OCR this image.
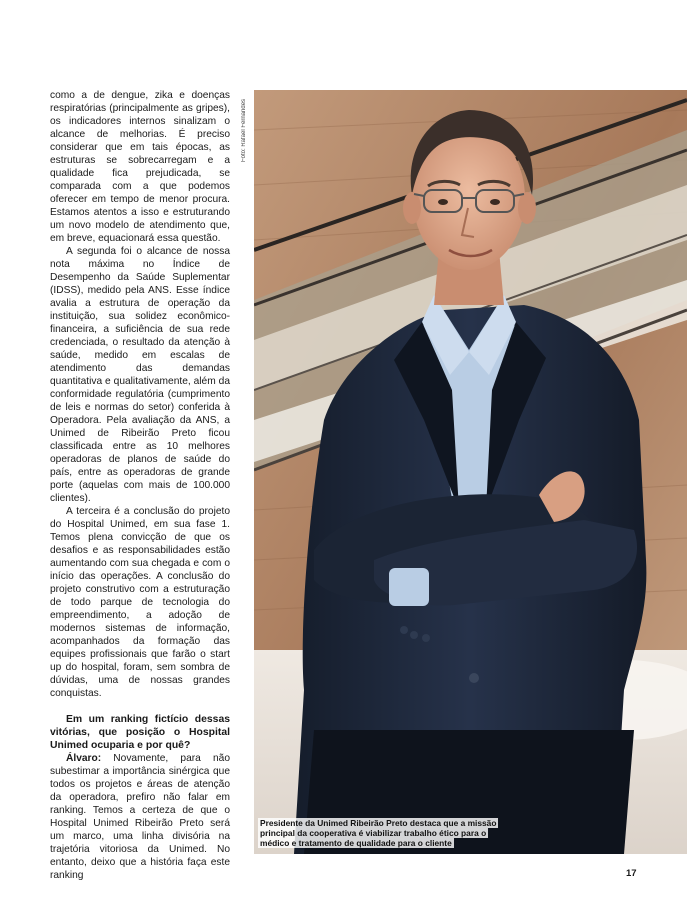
como a de dengue, zika e doenças respiratórias (principalmente as gripes), os indicadores internos sinalizam o alcance de melhorias. É preciso considerar que em tais épocas, as estruturas se sobrecarregam e a qualidade fica prejudicada, se comparada com a que podemos oferecer em tempo de menor procura. Estamos atentos a isso e estruturando um novo modelo de atendimento que, em breve, equacionará essa questão.

A segunda foi o alcance de nossa nota máxima no Índice de Desempenho da Saúde Suplementar (IDSS), medido pela ANS. Esse índice avalia a estrutura de operação da instituição, sua solidez econômico-financeira, a suficiência de sua rede credenciada, o resultado da atenção à saúde, medido em escalas de atendimento das demandas quantitativa e qualitativamente, além da conformidade regulatória (cumprimento de leis e normas do setor) conferida à Operadora. Pela avaliação da ANS, a Unimed de Ribeirão Preto ficou classificada entre as 10 melhores operadoras de planos de saúde do país, entre as operadoras de grande porte (aquelas com mais de 100.000 clientes).

A terceira é a conclusão do projeto do Hospital Unimed, em sua fase 1. Temos plena convicção de que os desafios e as responsabilidades estão aumentando com sua chegada e com o início das operações. A conclusão do projeto construtivo com a estruturação de todo parque de tecnologia do empreendimento, a adoção de modernos sistemas de informação, acompanhados da formação das equipes profissionais que farão o start up do hospital, foram, sem sombra de dúvidas, uma de nossas grandes conquistas.

Em um ranking fictício dessas vitórias, que posição o Hospital Unimed ocuparia e por quê?

Álvaro: Novamente, para não subestimar a importância sinérgica que todos os projetos e áreas de atenção da operadora, prefiro não falar em ranking. Temos a certeza de que o Hospital Unimed Ribeirão Preto será um marco, uma linha divisória na trajetória vitoriosa da Unimed. No entanto, deixo que a história faça este ranking

Foto: Rafael Fernandes
Presidente da Unimed Ribeirão Preto destaca que a missão principal da cooperativa é viabilizar trabalho ético para o médico e tratamento de qualidade para o cliente
17
